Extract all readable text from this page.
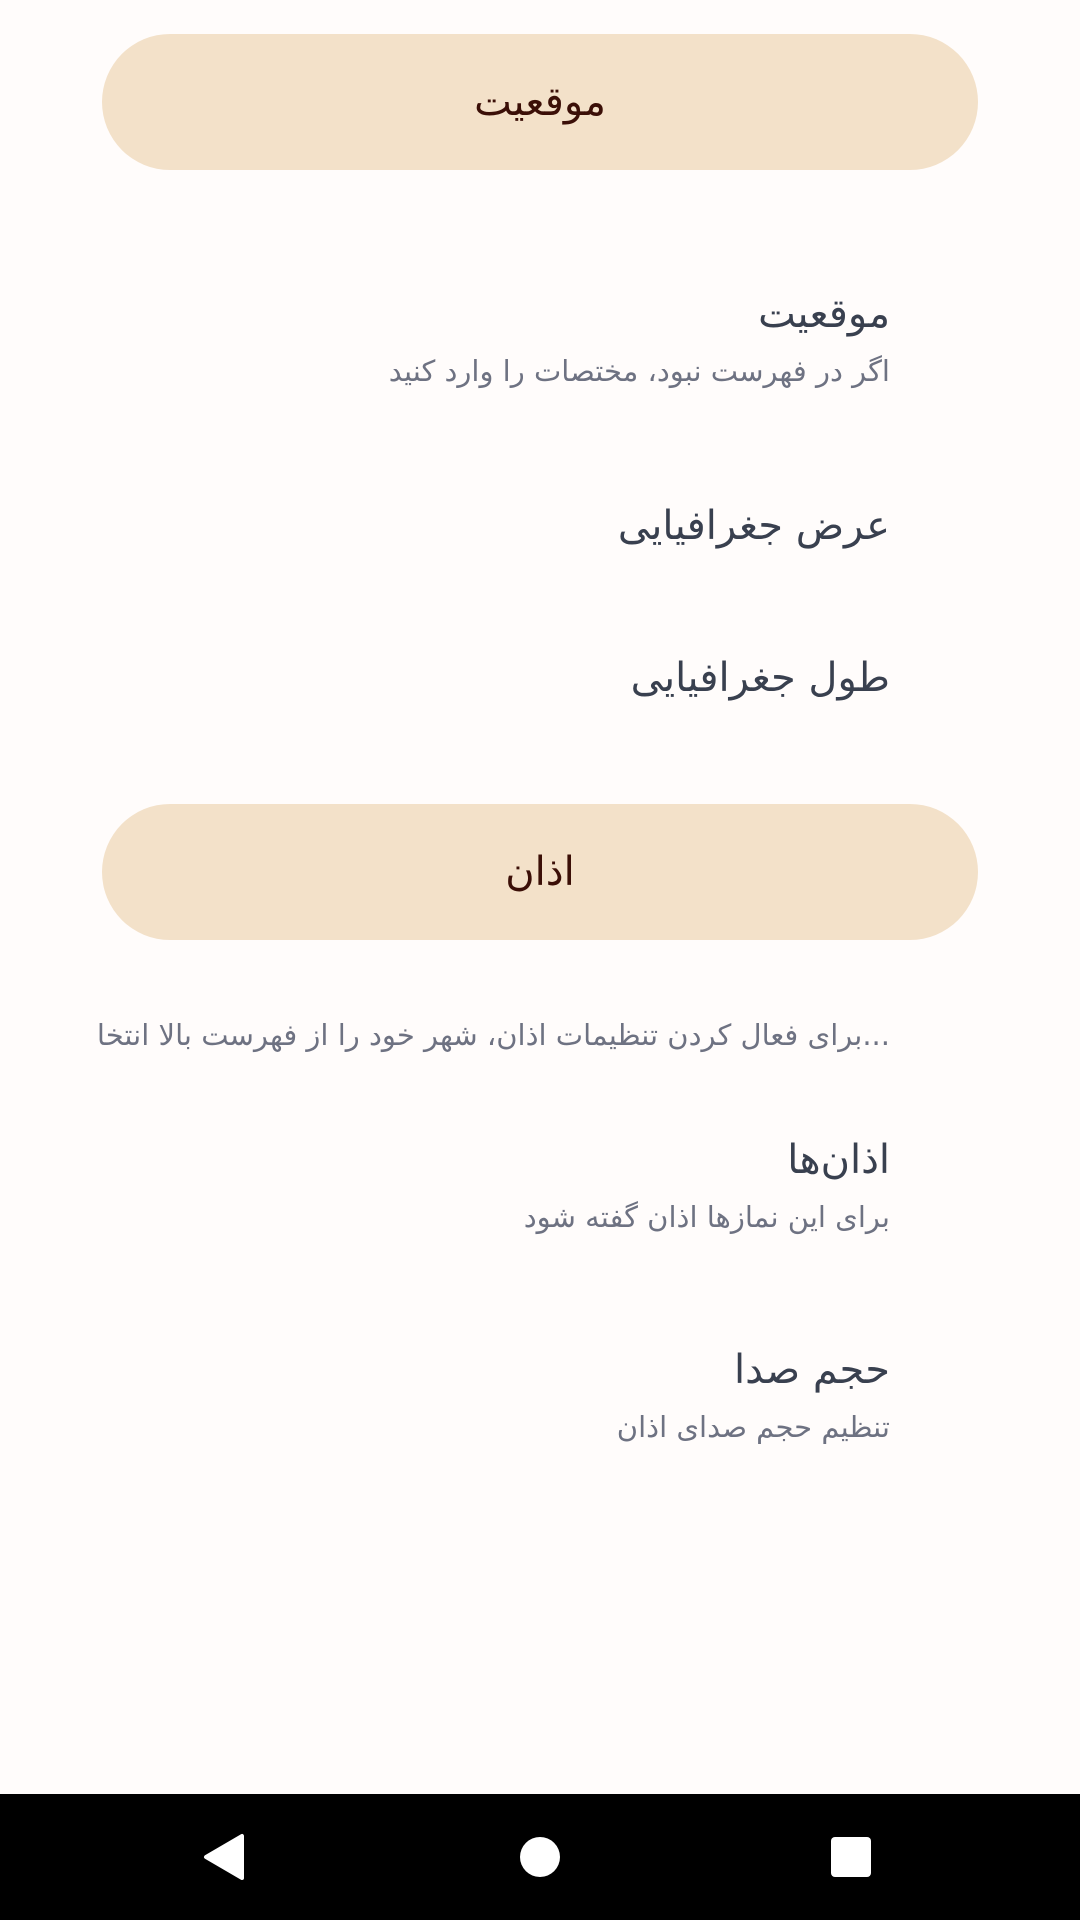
موقعیت
موقعیت
اگر در فهرست نبود، مختصات را وارد کنید
عرض جغرافیایی
طول جغرافیایی
اذان
...برای فعال کردن تنظیمات اذان، شهر خود را از فهرست بالا انتخا
اذان‌ها
برای این نمازها اذان گفته شود
حجم صدا
تنظیم حجم صدای اذان
